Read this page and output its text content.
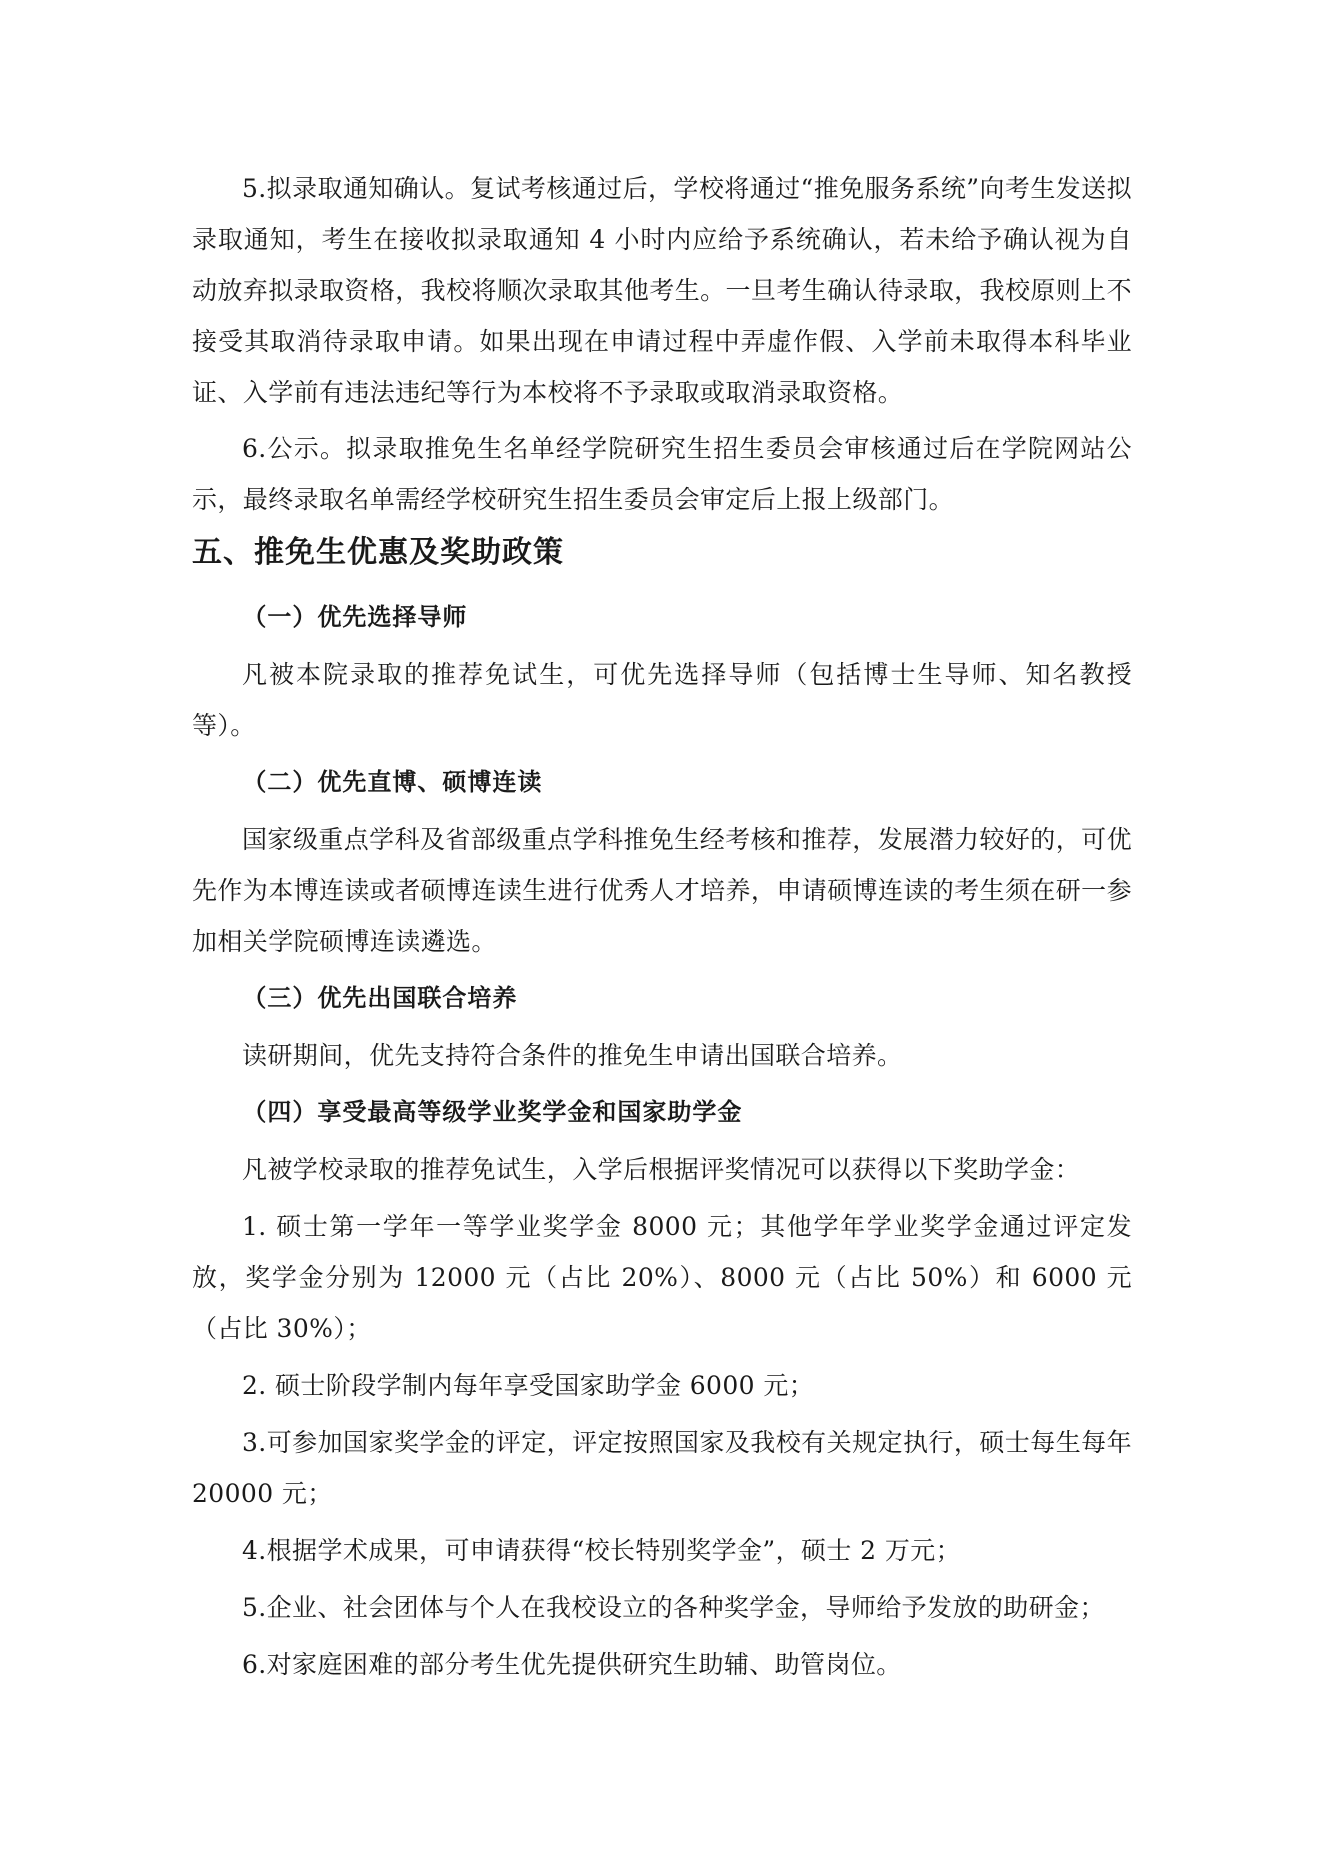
5.拟录取通知确认。复试考核通过后，学校将通过“推免服务系统”向考生发送拟录取通知，考生在接收拟录取通知 4 小时内应给予系统确认，若未给予确认视为自动放弃拟录取资格，我校将顺次录取其他考生。一旦考生确认待录取，我校原则上不接受其取消待录取申请。如果出现在申请过程中弄虚作假、入学前未取得本科毕业证、入学前有违法违纪等行为本校将不予录取或取消录取资格。

6.公示。拟录取推免生名单经学院研究生招生委员会审核通过后在学院网站公示，最终录取名单需经学校研究生招生委员会审定后上报上级部门。

五、推免生优惠及奖助政策
（一）优先选择导师

凡被本院录取的推荐免试生，可优先选择导师（包括博士生导师、知名教授等）。

（二）优先直博、硕博连读

国家级重点学科及省部级重点学科推免生经考核和推荐，发展潜力较好的，可优先作为本博连读或者硕博连读生进行优秀人才培养，申请硕博连读的考生须在研一参加相关学院硕博连读遴选。

（三）优先出国联合培养

读研期间，优先支持符合条件的推免生申请出国联合培养。

（四）享受最高等级学业奖学金和国家助学金

凡被学校录取的推荐免试生，入学后根据评奖情况可以获得以下奖助学金：

1. 硕士第一学年一等学业奖学金 8000 元；其他学年学业奖学金通过评定发放，奖学金分别为 12000 元（占比 20%）、8000 元（占比 50%）和 6000 元（占比 30%）；

2. 硕士阶段学制内每年享受国家助学金 6000 元；

3.可参加国家奖学金的评定，评定按照国家及我校有关规定执行，硕士每生每年 20000 元；

4.根据学术成果，可申请获得“校长特别奖学金”，硕士 2 万元；

5.企业、社会团体与个人在我校设立的各种奖学金，导师给予发放的助研金；

6.对家庭困难的部分考生优先提供研究生助辅、助管岗位。
